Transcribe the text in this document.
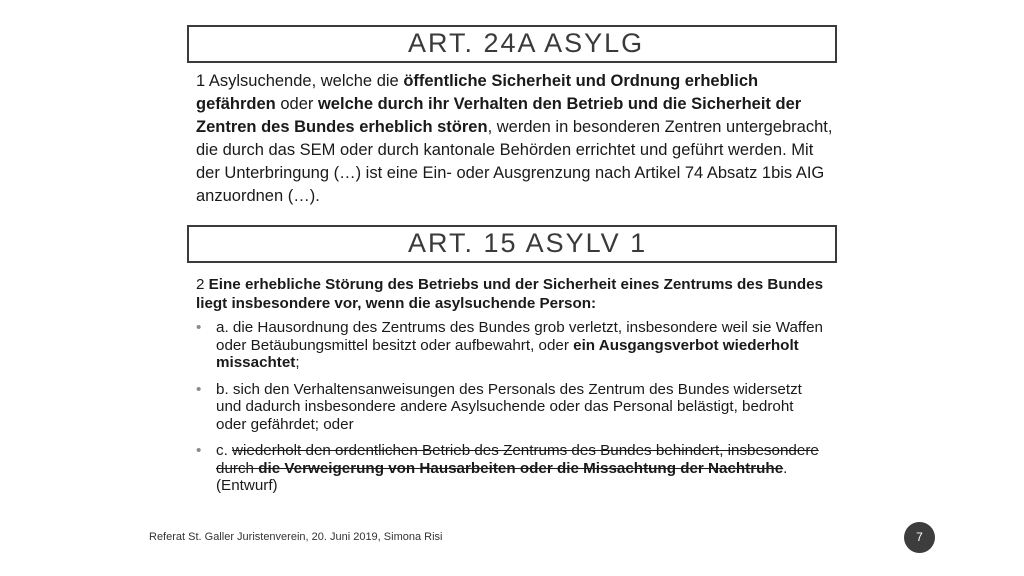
ART. 24A ASYLG

1 Asylsuchende, welche die öffentliche Sicherheit und Ordnung erheblich gefährden oder welche durch ihr Verhalten den Betrieb und die Sicherheit der Zentren des Bundes erheblich stören, werden in besonderen Zentren untergebracht, die durch das SEM oder durch kantonale Behörden errichtet und geführt werden. Mit der Unterbringung (…) ist eine Ein- oder Ausgrenzung nach Artikel 74 Absatz 1bis AIG anzuordnen (…).

ART. 15 ASYLV 1

2 Eine erhebliche Störung des Betriebs und der Sicherheit eines Zentrums des Bundes liegt insbesondere vor, wenn die asylsuchende Person:

• a. die Hausordnung des Zentrums des Bundes grob verletzt, insbesondere weil sie Waffen oder Betäubungsmittel besitzt oder aufbewahrt, oder ein Ausgangsverbot wiederholt missachtet;
• b. sich den Verhaltensanweisungen des Personals des Zentrum des Bundes widersetzt und dadurch insbesondere andere Asylsuchende oder das Personal belästigt, bedroht oder gefährdet; oder
• c. wiederholt den ordentlichen Betrieb des Zentrums des Bundes behindert, insbesondere durch die Verweigerung von Hausarbeiten oder die Missachtung der Nachtruhe. (Entwurf)
Referat St. Galler Juristenverein, 20. Juni 2019, Simona Risi	7
